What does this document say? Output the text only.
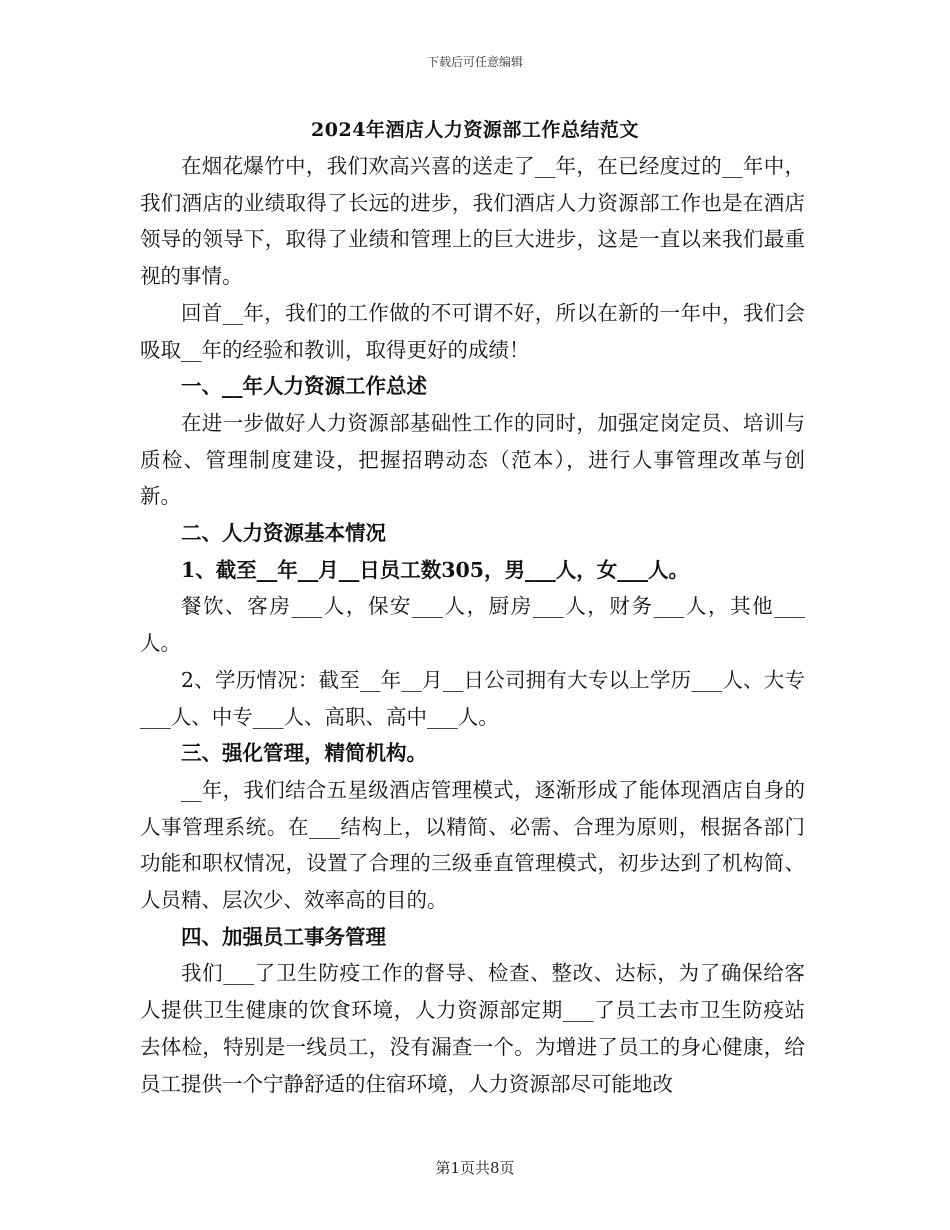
下载后可任意编辑
2024年酒店人力资源部工作总结范文

在烟花爆竹中，我们欢高兴喜的送走了__年，在已经度过的__年中，我们酒店的业绩取得了长远的进步，我们酒店人力资源部工作也是在酒店领导的领导下，取得了业绩和管理上的巨大进步，这是一直以来我们最重视的事情。

回首__年，我们的工作做的不可谓不好，所以在新的一年中，我们会吸取__年的经验和教训，取得更好的成绩！

一、__年人力资源工作总述

在进一步做好人力资源部基础性工作的同时，加强定岗定员、培训与质检、管理制度建设，把握招聘动态（范本），进行人事管理改革与创新。

二、人力资源基本情况

1、截至__年__月__日员工数305，男___人，女___人。

餐饮、客房___人，保安___人，厨房___人，财务___人，其他___人。

2、学历情况：截至__年__月__日公司拥有大专以上学历___人、大专___人、中专___人、高职、高中___人。

三、强化管理，精简机构。

__年，我们结合五星级酒店管理模式，逐渐形成了能体现酒店自身的人事管理系统。在___结构上，以精简、必需、合理为原则，根据各部门功能和职权情况，设置了合理的三级垂直管理模式，初步达到了机构简、人员精、层次少、效率高的目的。

四、加强员工事务管理

我们___了卫生防疫工作的督导、检查、整改、达标，为了确保给客人提供卫生健康的饮食环境，人力资源部定期___了员工去市卫生防疫站去体检，特别是一线员工，没有漏查一个。为增进了员工的身心健康，给员工提供一个宁静舒适的住宿环境，人力资源部尽可能地改

第1页共8页
